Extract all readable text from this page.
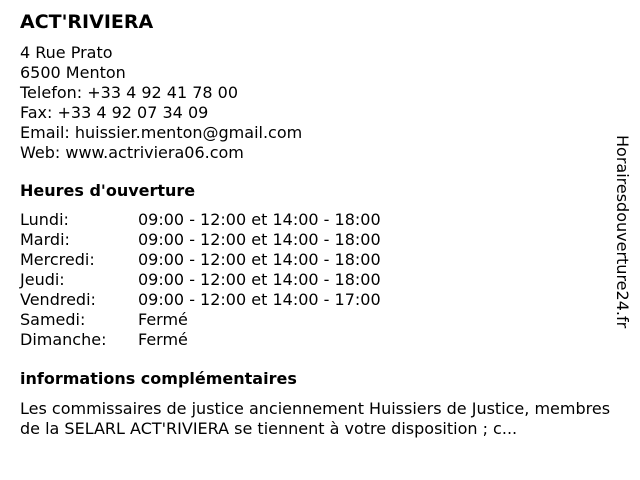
ACT'RIVIERA
4 Rue Prato
6500 Menton
Telefon: +33 4 92 41 78 00
Fax: +33 4 92 07 34 09
Email: huissier.menton@gmail.com
Web: www.actriviera06.com
Heures d'ouverture
Lundi:	09:00 - 12:00 et 14:00 - 18:00
Mardi:	09:00 - 12:00 et 14:00 - 18:00
Mercredi:	09:00 - 12:00 et 14:00 - 18:00
Jeudi:	09:00 - 12:00 et 14:00 - 18:00
Vendredi:	09:00 - 12:00 et 14:00 - 17:00
Samedi:	Fermé
Dimanche:	Fermé
informations complémentaires
Les commissaires de justice anciennement Huissiers de Justice, membres de la SELARL ACT'RIVIERA se tiennent à votre disposition ; c...
Horairesdouverture24.fr
